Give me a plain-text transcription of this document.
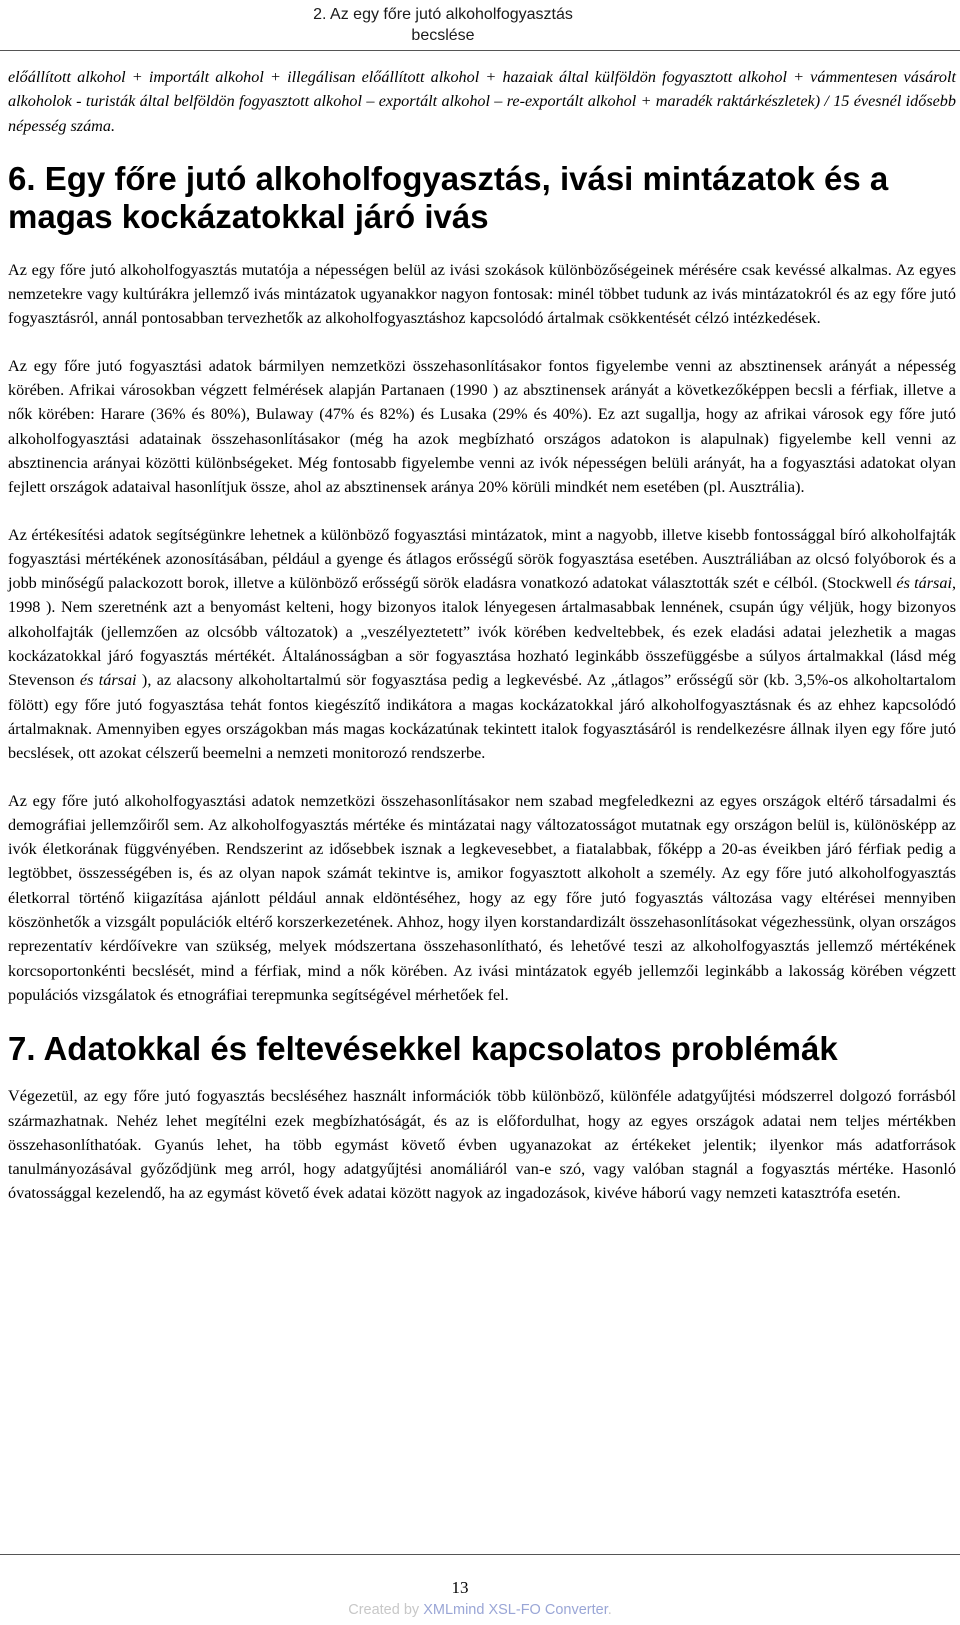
2. Az egy főre jutó alkoholfogyasztás becslése

előállított alkohol + importált alkohol + illegálisan előállított alkohol + hazaiak által külföldön fogyasztott alkohol + vámmentesen vásárolt alkoholok - turisták által belföldön fogyasztott alkohol – exportált alkohol – re-exportált alkohol + maradék raktárkészletek) / 15 évesnél idősebb népesség száma.

6. Egy főre jutó alkoholfogyasztás, ivási mintázatok és a magas kockázatokkal járó ivás

Az egy főre jutó alkoholfogyasztás mutatója a népességen belül az ivási szokások különbözőségeinek mérésére csak kevéssé alkalmas. Az egyes nemzetekre vagy kultúrákra jellemző ivás mintázatok ugyanakkor nagyon fontosak: minél többet tudunk az ivás mintázatokról és az egy főre jutó fogyasztásról, annál pontosabban tervezhetők az alkoholfogyasztáshoz kapcsolódó ártalmak csökkentését célzó intézkedések.

Az egy főre jutó fogyasztási adatok bármilyen nemzetközi összehasonlításakor fontos figyelembe venni az absztinensek arányát a népesség körében. Afrikai városokban végzett felmérések alapján Partanaen (1990 ) az absztinensek arányát a következőképpen becsli a férfiak, illetve a nők körében: Harare (36% és 80%), Bulaway (47% és 82%) és Lusaka (29% és 40%). Ez azt sugallja, hogy az afrikai városok egy főre jutó alkoholfogyasztási adatainak összehasonlításakor (még ha azok megbízható országos adatokon is alapulnak) figyelembe kell venni az absztinencia arányai közötti különbségeket. Még fontosabb figyelembe venni az ivók népességen belüli arányát, ha a fogyasztási adatokat olyan fejlett országok adataival hasonlítjuk össze, ahol az absztinensek aránya 20% körüli mindkét nem esetében (pl. Ausztrália).

Az értékesítési adatok segítségünkre lehetnek a különböző fogyasztási mintázatok, mint a nagyobb, illetve kisebb fontossággal bíró alkoholfajták fogyasztási mértékének azonosításában, például a gyenge és átlagos erősségű sörök fogyasztása esetében. Ausztráliában az olcsó folyóborok és a jobb minőségű palackozott borok, illetve a különböző erősségű sörök eladásra vonatkozó adatokat választották szét e célból. (Stockwell és társai, 1998 ). Nem szeretnénk azt a benyomást kelteni, hogy bizonyos italok lényegesen ártalmasabbak lennének, csupán úgy véljük, hogy bizonyos alkoholfajták (jellemzően az olcsóbb változatok) a „veszélyeztetett” ivók körében kedveltebbek, és ezek eladási adatai jelezhetik a magas kockázatokkal járó fogyasztás mértékét. Általánosságban a sör fogyasztása hozható leginkább összefüggésbe a súlyos ártalmakkal (lásd még Stevenson és társai ), az alacsony alkoholtartalmú sör fogyasztása pedig a legkevésbé. Az „átlagos” erősségű sör (kb. 3,5%-os alkoholtartalom fölött) egy főre jutó fogyasztása tehát fontos kiegészítő indikátora a magas kockázatokkal járó alkoholfogyasztásnak és az ehhez kapcsolódó ártalmaknak. Amennyiben egyes országokban más magas kockázatúnak tekintett italok fogyasztásáról is rendelkezésre állnak ilyen egy főre jutó becslések, ott azokat célszerű beemelni a nemzeti monitorozó rendszerbe.

Az egy főre jutó alkoholfogyasztási adatok nemzetközi összehasonlításakor nem szabad megfeledkezni az egyes országok eltérő társadalmi és demográfiai jellemzőiről sem. Az alkoholfogyasztás mértéke és mintázatai nagy változatosságot mutatnak egy országon belül is, különösképp az ivók életkorának függvényében. Rendszerint az idősebbek isznak a legkevesebbet, a fiatalabbak, főképp a 20-as éveikben járó férfiak pedig a legtöbbet, összességében is, és az olyan napok számát tekintve is, amikor fogyasztott alkoholt a személy. Az egy főre jutó alkoholfogyasztás életkorral történő kiigazítása ajánlott például annak eldöntéséhez, hogy az egy főre jutó fogyasztás változása vagy eltérései mennyiben köszönhetők a vizsgált populációk eltérő korszerkezetének. Ahhoz, hogy ilyen korstandardizált összehasonlításokat végezhessünk, olyan országos reprezentatív kérdőívekre van szükség, melyek módszertana összehasonlítható, és lehetővé teszi az alkoholfogyasztás jellemző mértékének korcsoportonkénti becslését, mind a férfiak, mind a nők körében. Az ivási mintázatok egyéb jellemzői leginkább a lakosság körében végzett populációs vizsgálatok és etnográfiai terepmunka segítségével mérhetőek fel.

7. Adatokkal és feltevésekkel kapcsolatos problémák

Végezetül, az egy főre jutó fogyasztás becsléséhez használt információk több különböző, különféle adatgyűjtési módszerrel dolgozó forrásból származhatnak. Nehéz lehet megítélni ezek megbízhatóságát, és az is előfordulhat, hogy az egyes országok adatai nem teljes mértékben összehasonlíthatóak. Gyanús lehet, ha több egymást követő évben ugyanazokat az értékeket jelentik; ilyenkor más adatforrások tanulmányozásával győződjünk meg arról, hogy adatgyűjtési anomáliáról van-e szó, vagy valóban stagnál a fogyasztás mértéke. Hasonló óvatossággal kezelendő, ha az egymást követő évek adatai között nagyok az ingadozások, kivéve háború vagy nemzeti katasztrófa esetén.

13
Created by XMLmind XSL-FO Converter.
